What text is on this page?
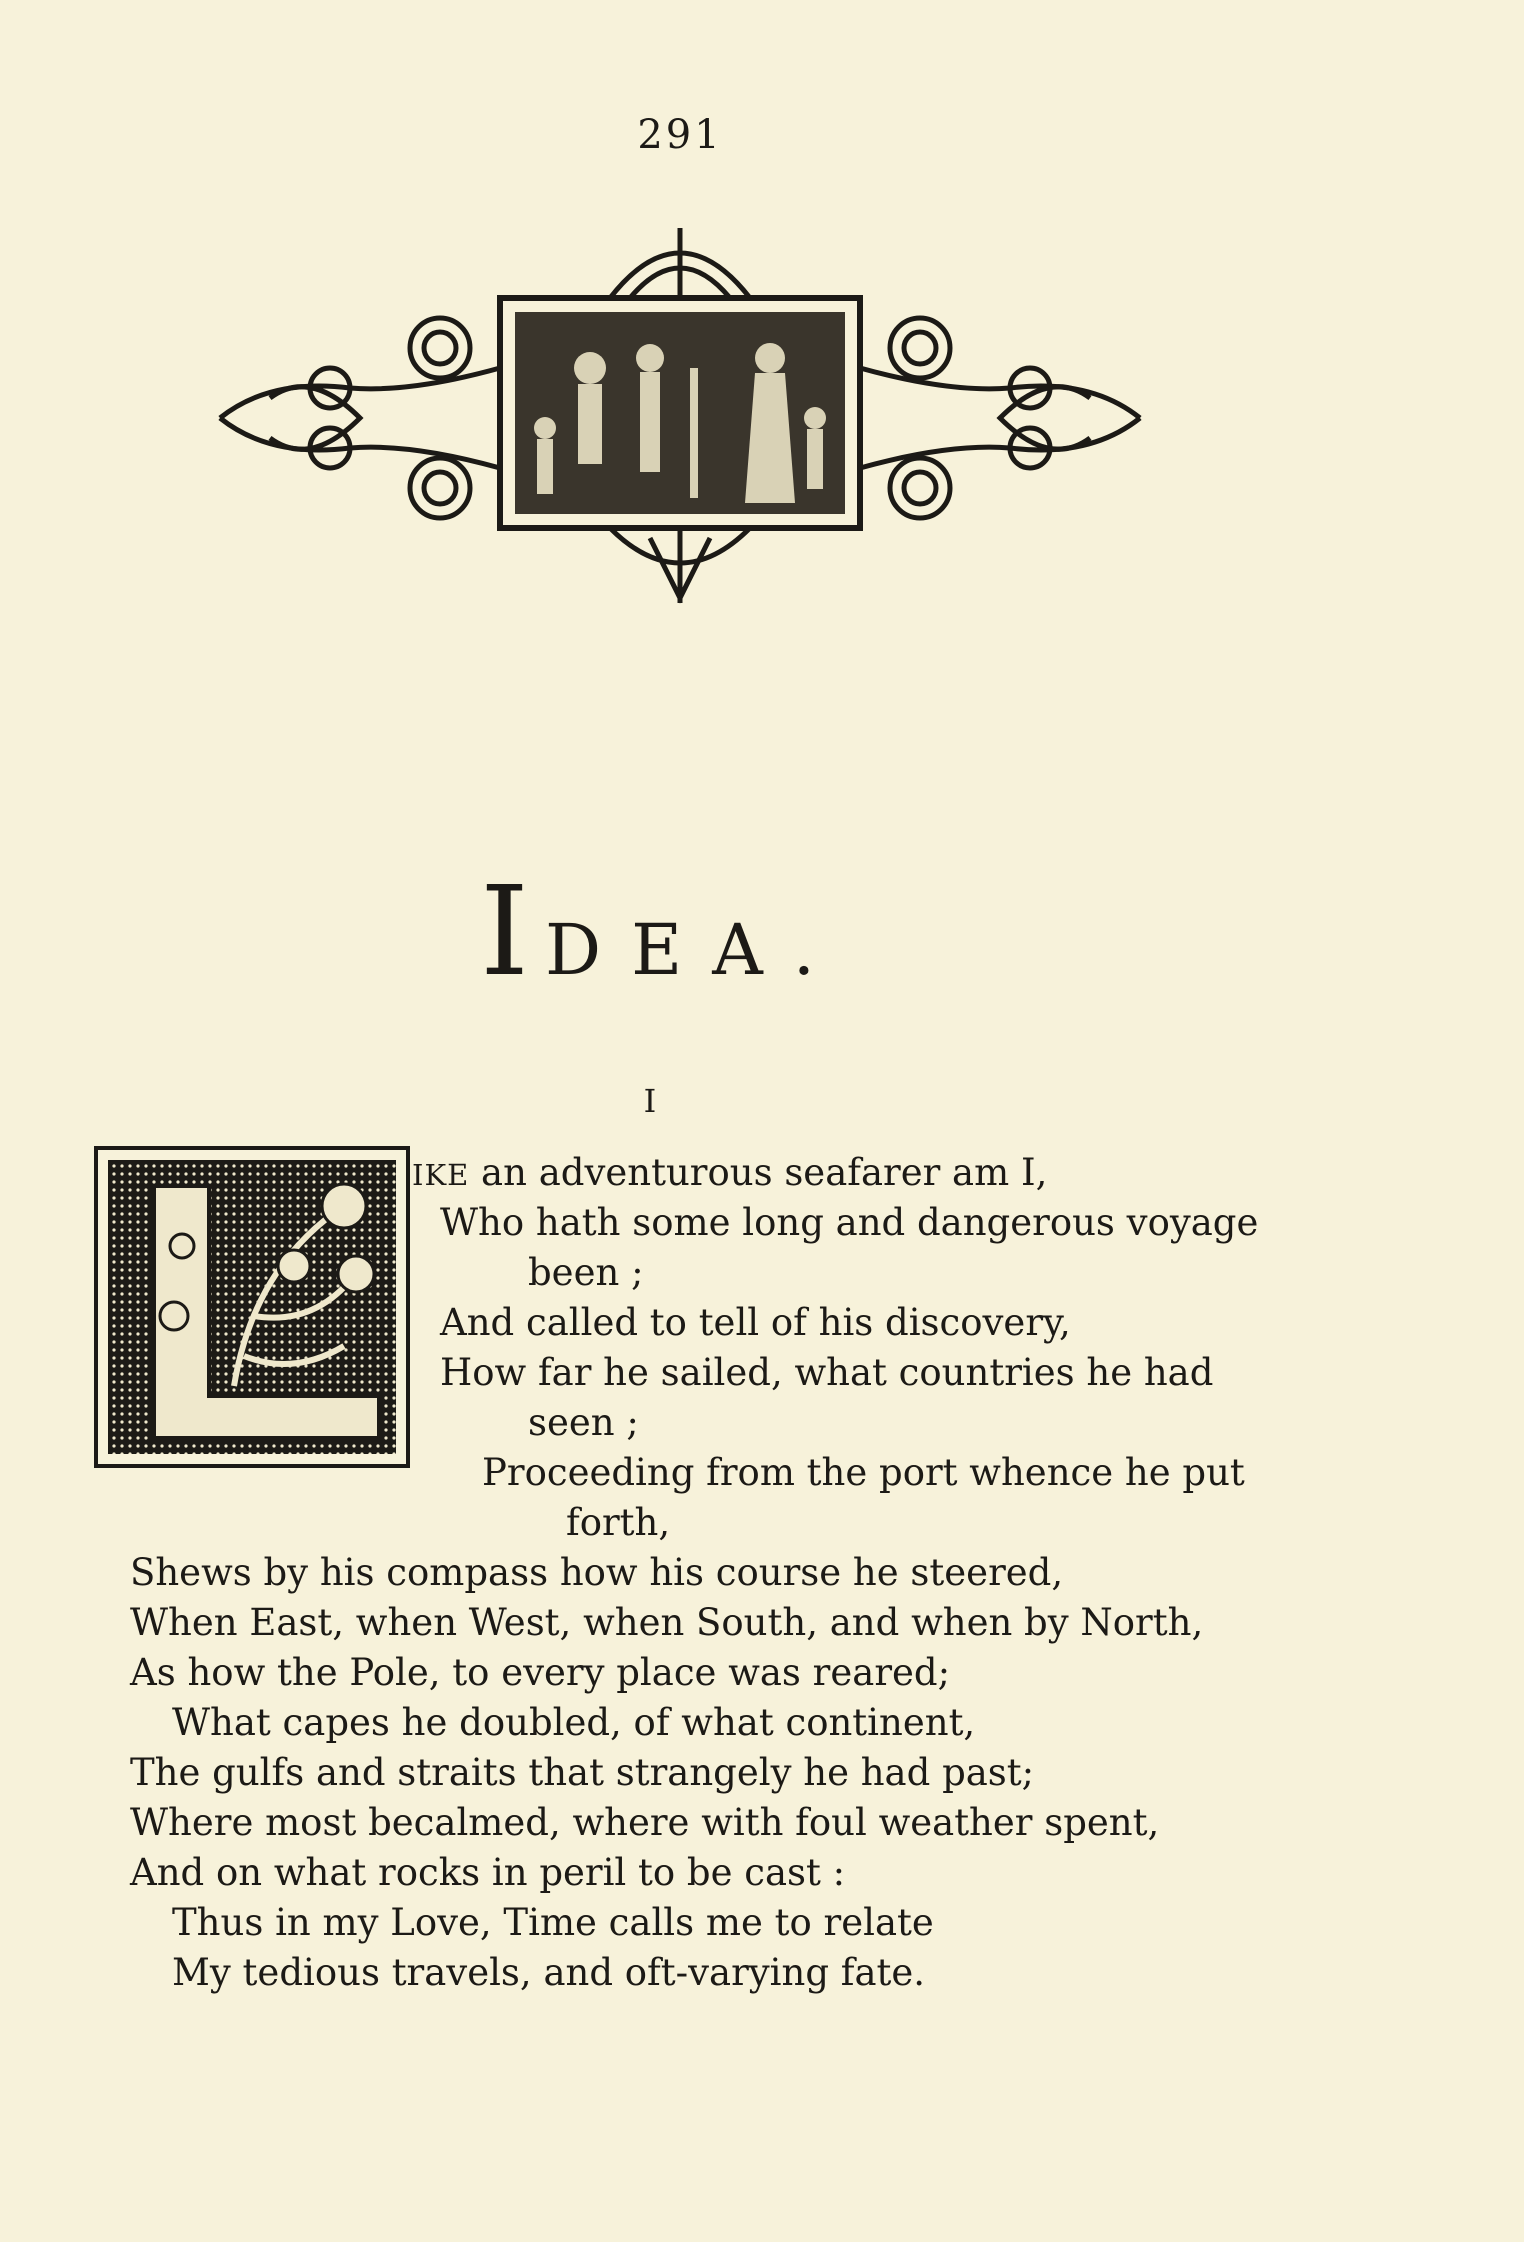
291
I DEA.
I
IKE an adventurous seafarer am I,
Who hath some long and dangerous voyage
been ;
And called to tell of his discovery,
How far he sailed, what countries he had
seen ;
Proceeding from the port whence he put
forth,
Shews by his compass how his course he steered,
When East, when West, when South, and when by North,
As how the Pole, to every place was reared;
What capes he doubled, of what continent,
The gulfs and straits that strangely he had past;
Where most becalmed, where with foul weather spent,
And on what rocks in peril to be cast :
Thus in my Love, Time calls me to relate
My tedious travels, and oft-varying fate.
